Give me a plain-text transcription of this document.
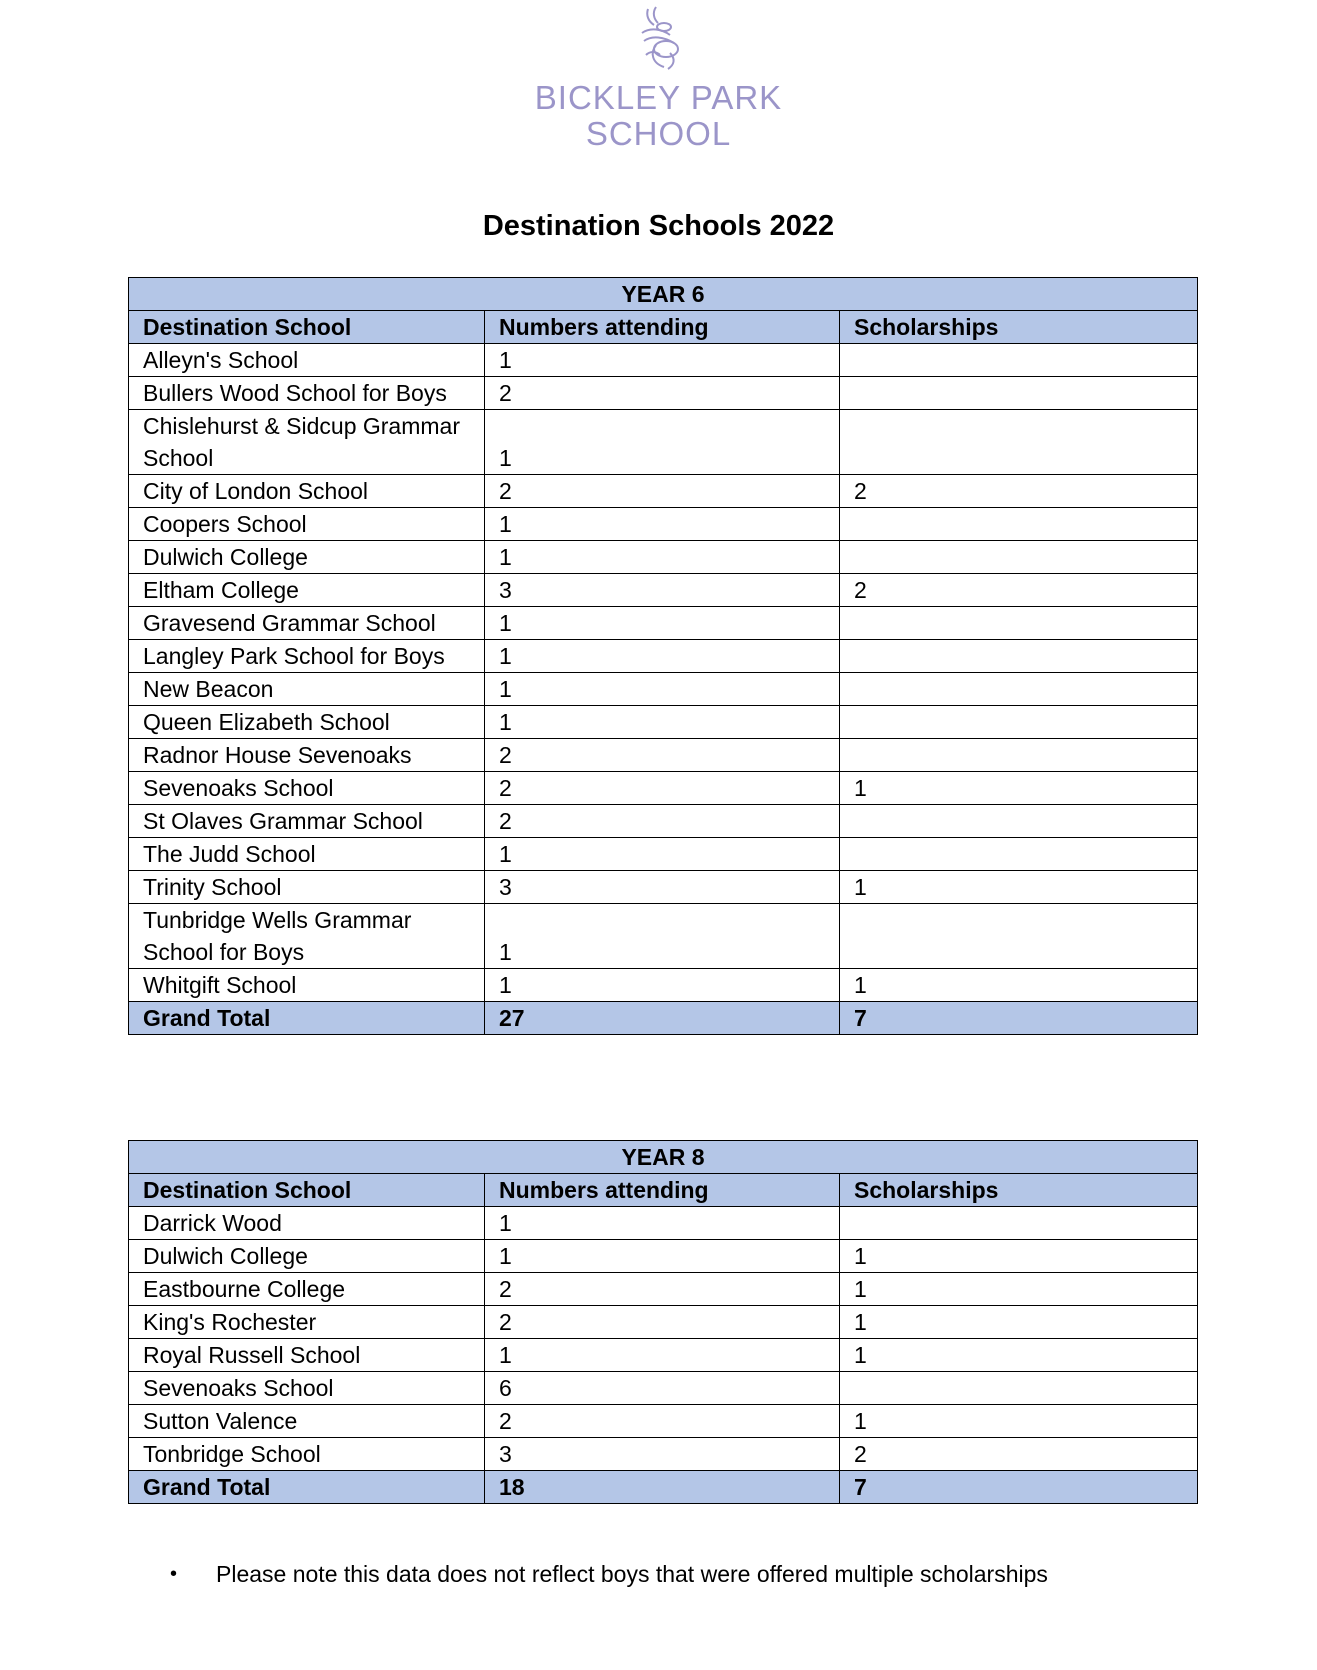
BICKLEY PARK
SCHOOL
Destination Schools 2022
YEAR 6		
Destination School	Numbers attending	Scholarships
Alleyn's School	1	
Bullers Wood School for Boys	2	
Chislehurst & Sidcup Grammar School	1	
City of London School	2	2
Coopers School	1	
Dulwich College	1	
Eltham College	3	2
Gravesend Grammar School	1	
Langley Park School for Boys	1	
New Beacon	1	
Queen Elizabeth School	1	
Radnor House Sevenoaks	2	
Sevenoaks School	2	1
St Olaves Grammar School	2	
The Judd School	1	
Trinity School	3	1
Tunbridge Wells Grammar School for Boys	1	
Whitgift School	1	1
Grand Total	27	7
YEAR 8		
Destination School	Numbers attending	Scholarships
Darrick Wood	1	
Dulwich College	1	1
Eastbourne College	2	1
King's Rochester	2	1
Royal Russell School	1	1
Sevenoaks School	6	
Sutton Valence	2	1
Tonbridge School	3	2
Grand Total	18	7
• Please note this data does not reflect boys that were offered multiple scholarships
